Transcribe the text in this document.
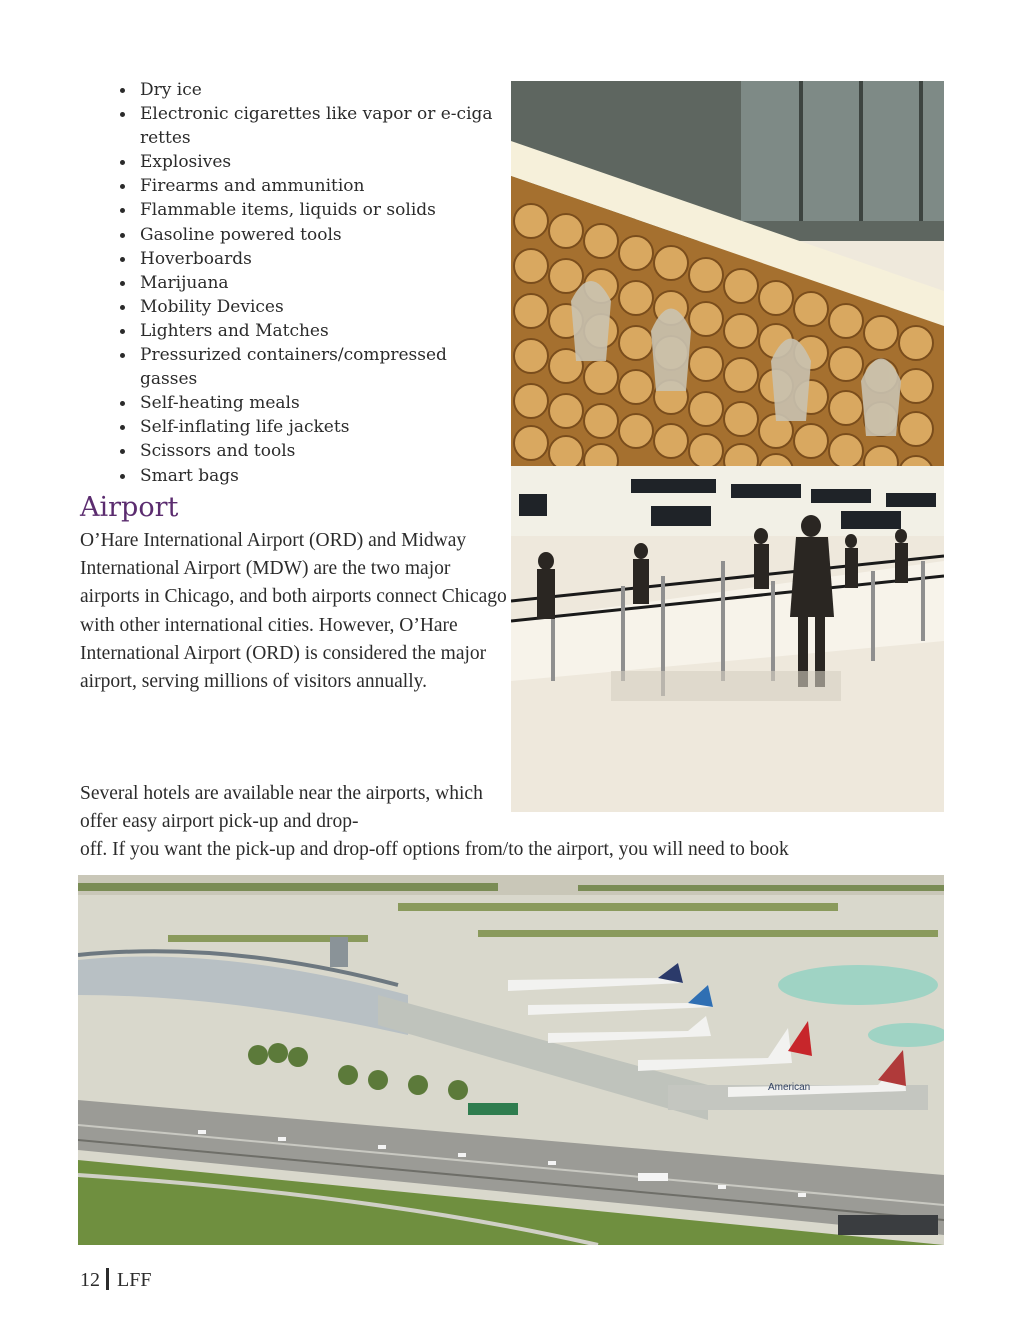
Dry ice
Electronic cigarettes like vapor or e-ciga rettes
Explosives
Firearms and ammunition
Flammable items, liquids or solids
Gasoline powered tools
Hoverboards
Marijuana
Mobility Devices
Lighters and Matches
Pressurized containers/compressed gasses
Self-heating meals
Self-inflating life jackets
Scissors and tools
Smart bags
Airport

O’Hare International Airport (ORD) and Midway International Airport (MDW) are the two major airports in Chicago, and both airports connect Chicago with other international cities. However, O’Hare International Airport (ORD) is considered the major airport, serving millions of visitors annually.

Several hotels are available near the airports, which offer easy airport pick-up and drop-

off. If you want the pick-up and drop-off options from/to the airport, you will need to book

American
12 LFF
